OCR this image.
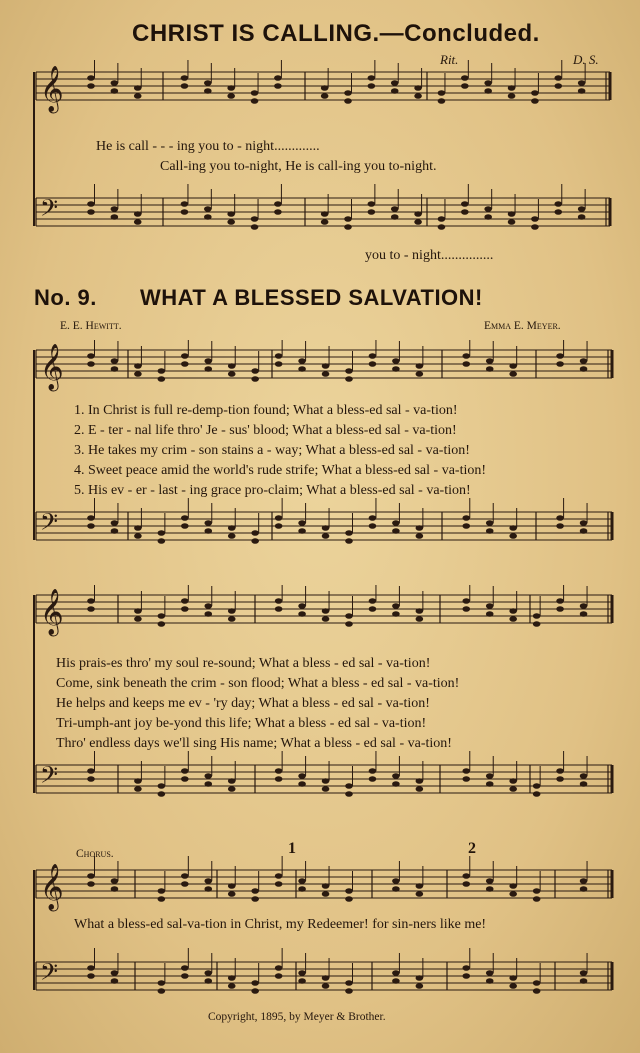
CHRIST IS CALLING.—Concluded.
Rit.	D. S.
𝄞
𝄢
He is call - - - ing you to - night.............
Call-ing you to-night, He is call-ing you to-night.
you to - night...............
No. 9. WHAT A BLESSED SALVATION!
E. E. Hewitt.	Emma E. Meyer.
𝄞
𝄢
1. In Christ is full re-demp-tion found; What a bless-ed sal - va-tion!
2. E - ter - nal life thro' Je - sus' blood; What a bless-ed sal - va-tion!
3. He takes my crim - son stains a - way; What a bless-ed sal - va-tion!
4. Sweet peace amid the world's rude strife; What a bless-ed sal - va-tion!
5. His ev - er - last - ing grace pro-claim; What a bless-ed sal - va-tion!
𝄞
𝄢
His prais-es thro' my soul re-sound; What a bless - ed sal - va-tion!
Come, sink beneath the crim - son flood; What a bless - ed sal - va-tion!
He helps and keeps me ev - 'ry day; What a bless - ed sal - va-tion!
Tri-umph-ant joy be-yond this life; What a bless - ed sal - va-tion!
Thro' endless days we'll sing His name; What a bless - ed sal - va-tion!
Chorus.	1	2
𝄞
𝄢
What a bless-ed sal-va-tion in Christ, my Redeemer! for sin-ners like me!
Copyright, 1895, by Meyer & Brother.
